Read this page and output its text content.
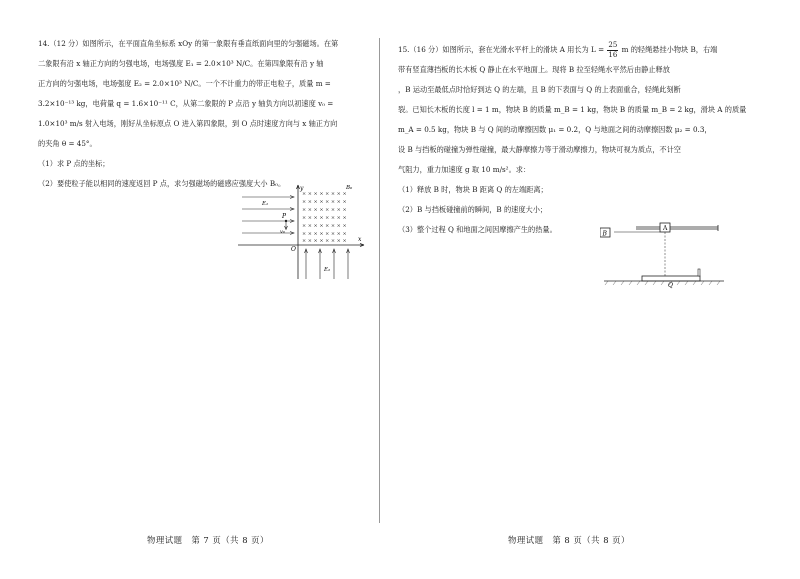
14.（12 分）如图所示，在平面直角坐标系 xOy 的第一象限有垂直纸面向里的匀强磁场。在第

二象限有沿 x 轴正方向的匀强电场，电场强度 E₁ = 2.0×10³ N/C。在第四象限有沿 y 轴

正方向的匀强电场，电场强度 E₂ = 2.0×10³ N/C。一个不计重力的带正电粒子，质量 m =

3.2×10⁻¹³ kg，电荷量 q = 1.6×10⁻¹¹ C，从第二象限的 P 点沿 y 轴负方向以初速度 v₀ =

1.0×10³ m/s 射入电场，刚好从坐标原点 O 进入第四象限，到 O 点时速度方向与 x 轴正方向

的夹角 θ = 45°。

（1）求 P 点的坐标；

（2）要使粒子能以相同的速度返回 P 点，求匀强磁场的磁感应强度大小 B₀。

y
x
O
E₁
P
v₀
× × × × × × × ×
× × × × × × × ×
× × × × × × × ×
× × × × × × × ×
× × × × × × × ×
× × × × × × × ×
× × × × × × × ×
B₀
E₂
物理试题　第 7 页（共 8 页）

15.（16 分）如图所示，套在光滑水平杆上的滑块 A 用长为 $L = \frac{25}{16}$ m 的轻绳悬挂小物块 B，右端

带有竖直薄挡板的长木板 Q 静止在水平地面上。现将 B 拉至轻绳水平然后由静止释放

，B 运动至最低点时恰好到达 Q 的左端，且 B 的下表面与 Q 的上表面重合，轻绳此刻断

裂。已知长木板的长度 l = 1 m，物块 B 的质量 m_B = 1 kg，物块 B 的质量 m_B = 2 kg，滑块 A 的质量

m_A = 0.5 kg，物块 B 与 Q 间的动摩擦因数 μ₁ = 0.2，Q 与地面之间的动摩擦因数 μ₂ = 0.3，

设 B 与挡板的碰撞为弹性碰撞，最大静摩擦力等于滑动摩擦力，物块可视为质点，不计空

气阻力，重力加速度 g 取 10 m/s²。求：

（1）释放 B 时，物块 B 距离 Q 的左端距离；

（2）B 与挡板碰撞前的瞬间，B 的速度大小；

（3）整个过程 Q 和地面之间因摩擦产生的热量。	A
B
Q
物理试题　第 8 页（共 8 页）
